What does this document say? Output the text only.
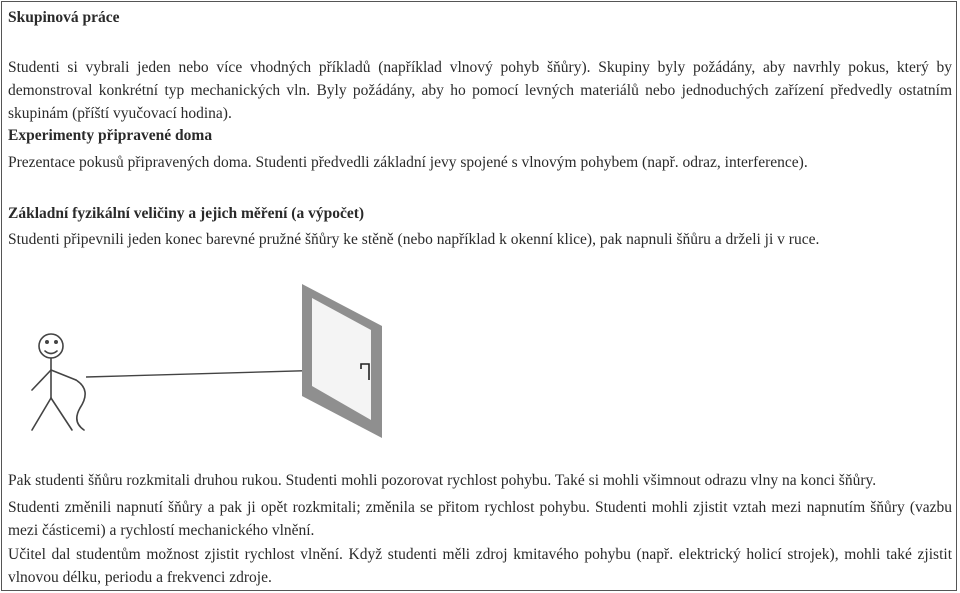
Skupinová práce

Studenti si vybrali jeden nebo více vhodných příkladů (například vlnový pohyb šňůry). Skupiny byly požádány, aby navrhly pokus, který by demonstroval konkrétní typ mechanických vln. Byly požádány, aby ho pomocí levných materiálů nebo jednoduchých zařízení předvedly ostatním skupinám (příští vyučovací hodina).

Experimenty připravené doma

Prezentace pokusů připravených doma. Studenti předvedli základní jevy spojené s vlnovým pohybem (např. odraz, interference).

Základní fyzikální veličiny a jejich měření (a výpočet)

Studenti připevnili jeden konec barevné pružné šňůry ke stěně (nebo například k okenní klice), pak napnuli šňůru a drželi ji v ruce.

Pak studenti šňůru rozkmitali druhou rukou. Studenti mohli pozorovat rychlost pohybu. Také si mohli všimnout odrazu vlny na konci šňůry.

Studenti změnili napnutí šňůry a pak ji opět rozkmitali; změnila se přitom rychlost pohybu. Studenti mohli zjistit vztah mezi napnutím šňůry (vazbu mezi částicemi) a rychlostí mechanického vlnění.

Učitel dal studentům možnost zjistit rychlost vlnění. Když studenti měli zdroj kmitavého pohybu (např. elektrický holicí strojek), mohli také zjistit vlnovou délku, periodu a frekvenci zdroje.
